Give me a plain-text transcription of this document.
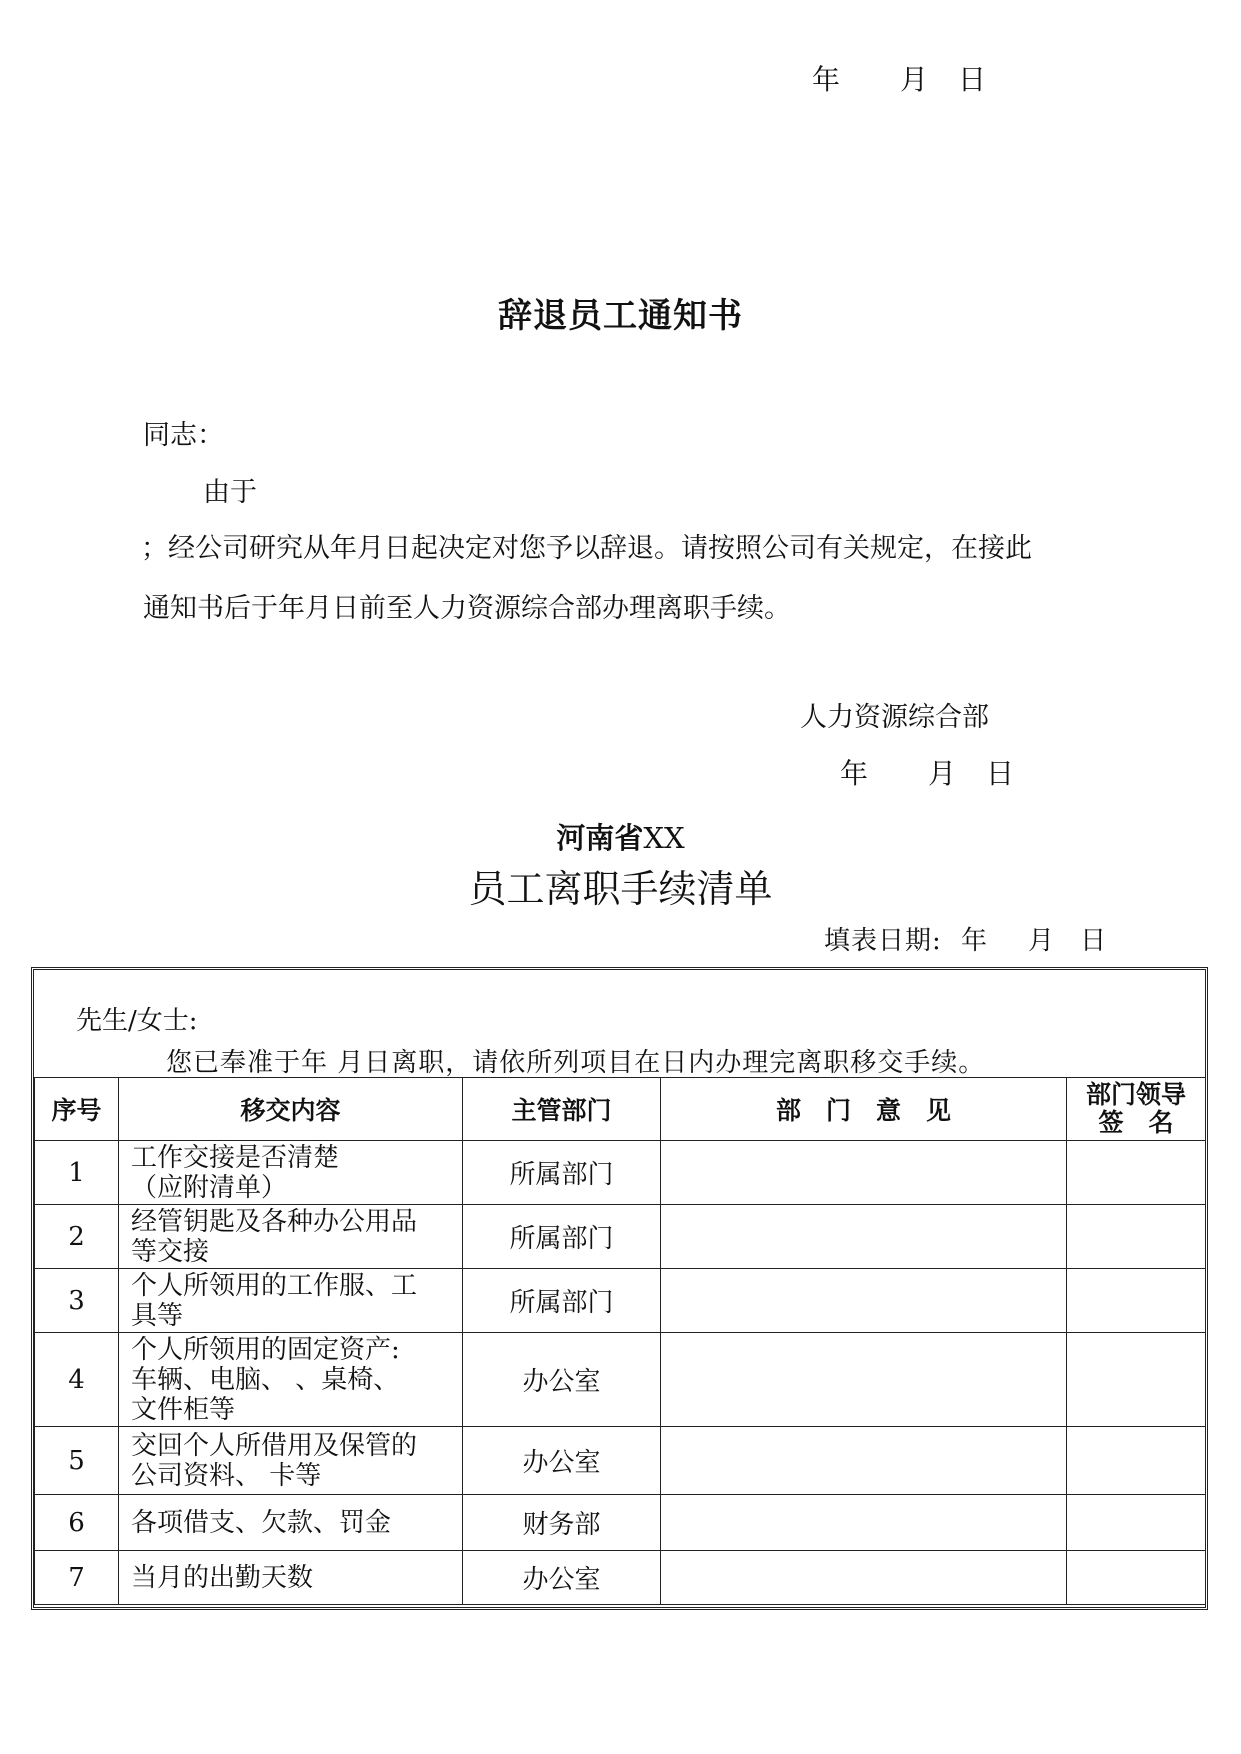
年 月 日
辞退员工通知书
同志：
由于
；经公司研究从年月日起决定对您予以辞退。请按照公司有关规定，在接此
通知书后于年月日前至人力资源综合部办理离职手续。
人力资源综合部
年 月 日
河南省XX
员工离职手续清单
填表日期: 年 月 日
先生/女士:
您已奉准于年 月日离职，请依所列项目在日内办理完离职移交手续。
序号	移交内容	主管部门	部　门　意　见	部门领导
签　名

1	工作交接是否清楚
（应附清单）	所属部门		
2	经管钥匙及各种办公用品
等交接	所属部门		
3	个人所领用的工作服、工
具等	所属部门		
4	个人所领用的固定资产:
车辆、电脑、 、桌椅、
文件柜等	办公室		
5	交回个人所借用及保管的
公司资料、 卡等	办公室		
6	各项借支、欠款、罚金	财务部		
7	当月的出勤天数	办公室		
